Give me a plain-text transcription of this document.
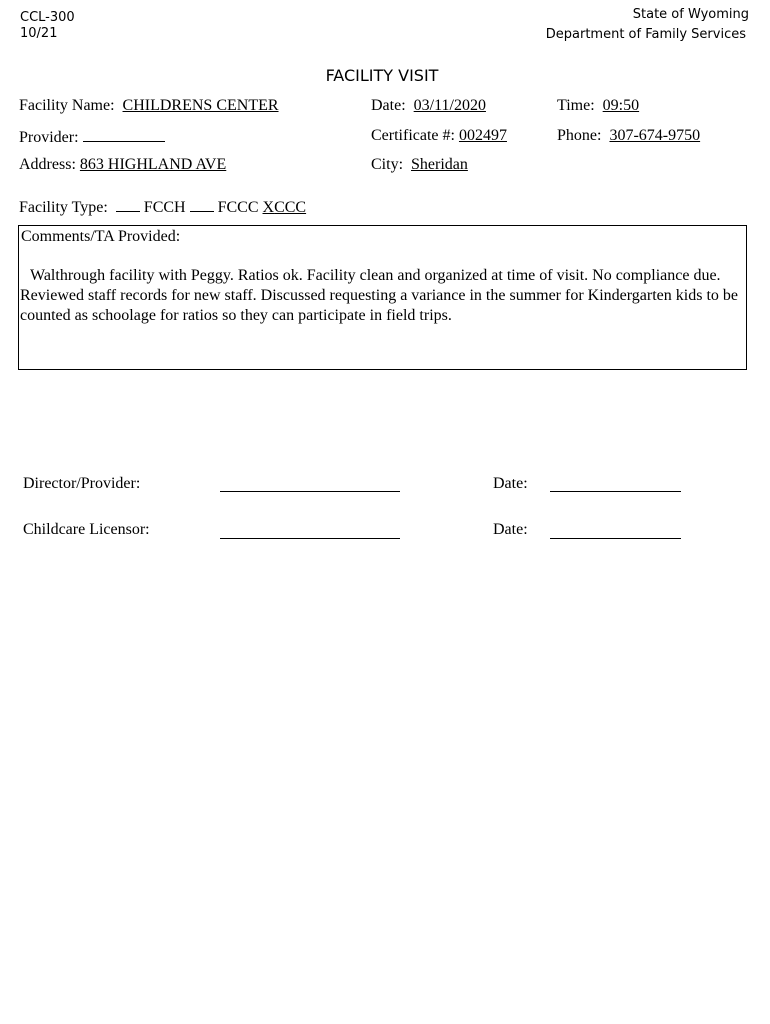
CCL-300
10/21
State of Wyoming
Department of Family Services
FACILITY VISIT
Facility Name: CHILDRENS CENTER	Date: 03/11/2020	Time: 09:50
Provider:	Certificate #: 002497	Phone: 307-674-9750
Address: 863 HIGHLAND AVE	City: Sheridan
Facility Type: FCCH FCCC XCCC
Comments/TA Provided:
Walthrough facility with Peggy. Ratios ok. Facility clean and organized at time of visit. No compliance due. Reviewed staff records for new staff. Discussed requesting a variance in the summer for Kindergarten kids to be counted as schoolage for ratios so they can participate in field trips.
Director/Provider:	Date:
Childcare Licensor:	Date:
